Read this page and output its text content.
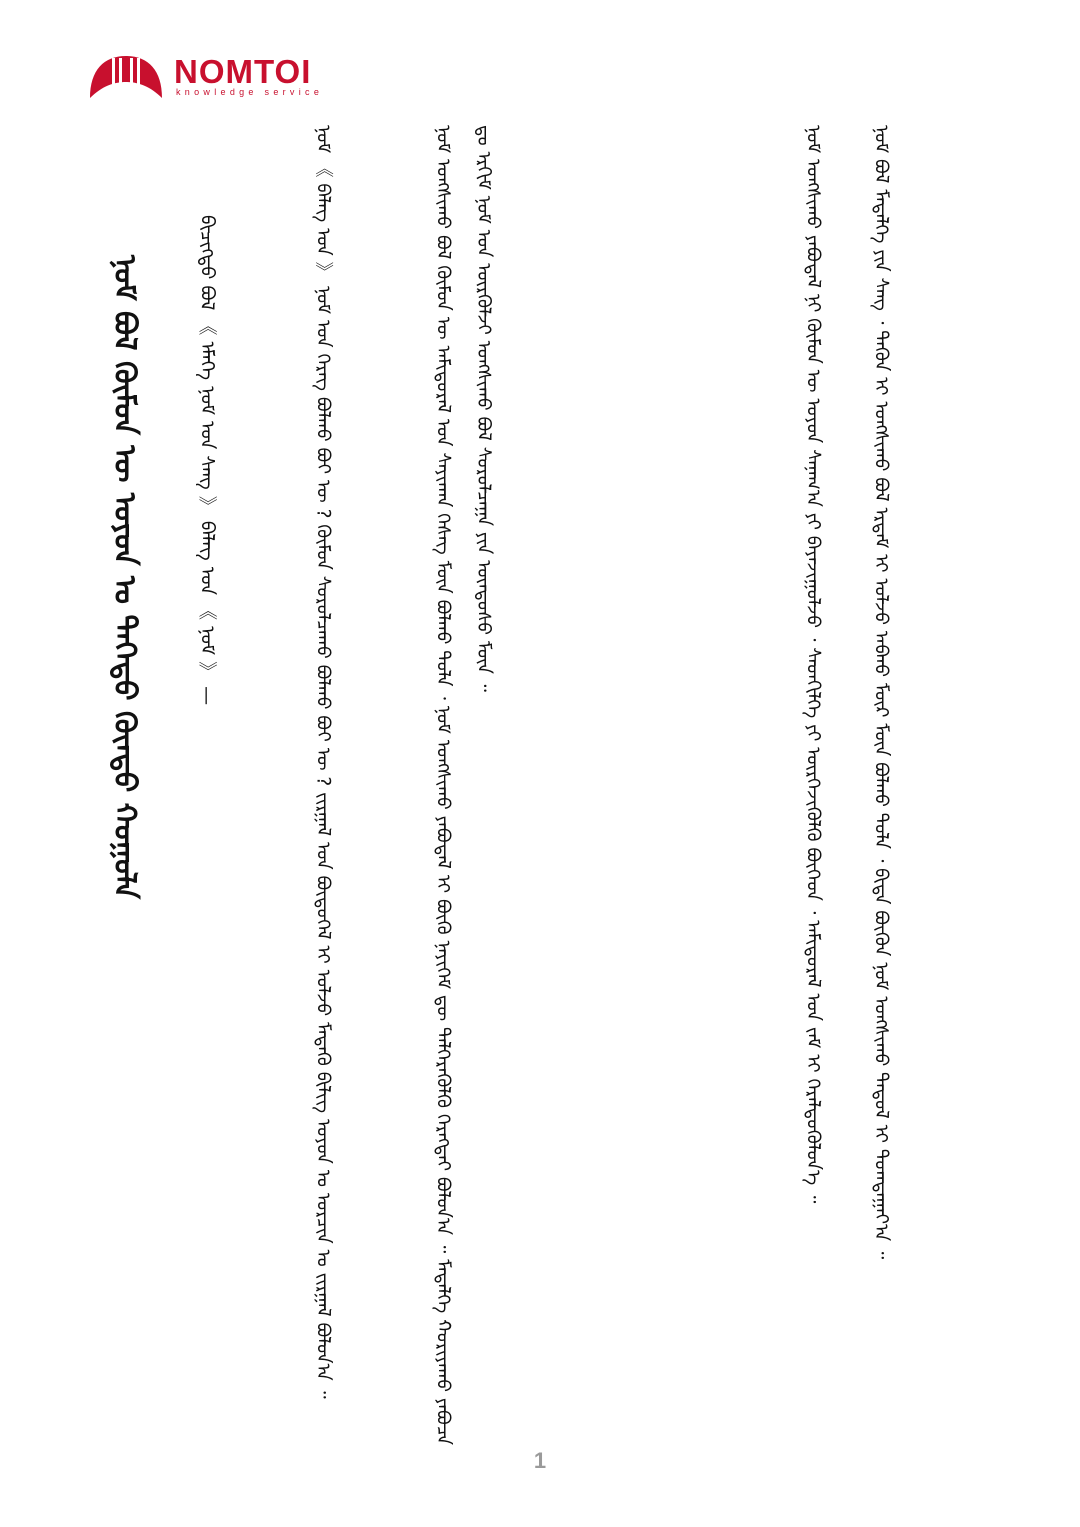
NOMTOI
knowledge service
ᠨᠣᠮ ᠪᠣᠯ ᠬᠦᠮᠦᠨ ᠦ ᠤᠶᠤᠨ ᠤ ᠳᠡᠭᠡᠳᠦ ᠬᠦᠨᠳᠦ ᠬᠣᠭᠣᠯᠠ	ᠪᠢᠴᠢᠭᠲᠦ ᠪᠣᠯ 《 ᠡᠮᠡᠭᠡ ᠨᠣᠮ ᠤᠨ ᠰᠠᠩ 》 ᠪᠡᠯᠡᠭ ᠤᠨ 《 ᠨᠣᠮ 》 —	ᠨᠣᠮ 《 ᠪᠡᠯᠡᠭ ᠤᠨ 》 ᠨᠣᠮ ᠤᠨ ᠬᠡᠷᠡᠭ ᠪᠣᠯᠬᠤ ᠪᠣᠢ ᠦ ? ᠬᠦᠮᠦᠨ ᠰᠤᠷᠤᠯᠴᠠᠬᠤ ᠪᠣᠯᠬᠤ ᠪᠣᠢ ᠦ ? ᠵᠢᠷᠭᠠᠯ ᠤᠨ ᠪᠦᠲᠦᠭᠡᠯ ᠢ ᠣᠯᠵᠤ ᠮᠡᠳᠡᠬᠦ ᠪᠢᠯᠢᠭ ᠣᠶᠤᠨ ᠤ ᠣᠷᠴᠢᠨ ᠤ ᠵᠢᠷᠭᠠᠯ ᠪᠣᠯᠤᠨ᠎ᠠ ᠃	ᠨᠣᠮ ᠤᠩᠰᠢᠬᠤ ᠪᠣᠯ ᠬᠦᠮᠦᠨ ᠦ ᠠᠮᠢᠳᠤᠷᠠᠯ ᠤᠨ ᠰᠠᠶᠢᠬᠠᠨ ᠬᠡᠰᠡᠭ ᠮᠥᠨ ᠪᠣᠯᠬᠤ ᠲᠤᠯᠠ ᠂ ᠨᠣᠮ ᠤᠩᠰᠢᠬᠤ ᠶᠠᠪᠤᠳᠠᠯ ᠢ ᠪᠦᠬᠦ ᠨᠡᠶᠢᠭᠡᠮ ᠳᠦ ᠳᠡᠯᠭᠡᠷᠡᠭᠦᠯᠬᠦ ᠬᠡᠷᠡᠭᠲᠡᠢ ᠪᠣᠯᠤᠨ᠎ᠠ ᠃ ᠮᠡᠳᠡᠯᠭᠡ ᠬᠤᠷᠢᠶᠠᠬᠤ ᠶᠠᠪᠤᠴᠠ ᠳᠤ ᠡᠷᠬᠢᠮ ᠨᠣᠮ ᠤᠨ ᠦᠷᠭᠦᠯᠵᠢ ᠤᠩᠰᠢᠬᠤ ᠪᠣᠯ ᠰᠤᠷᠤᠯᠴᠠᠭᠠ ᠶᠢᠨ ᠦᠨᠳᠦᠰᠦ ᠮᠥᠨ ᠃	ᠨᠣᠮ ᠤᠩᠰᠢᠬᠤ ᠶᠠᠪᠤᠳᠠᠯ ᠨᠢ ᠬᠦᠮᠦᠨ ᠦ ᠤᠶᠤᠨ ᠰᠠᠨᠠᠭ᠎ᠠ ᠶᠢ ᠪᠠᠶᠠᠵᠢᠭᠤᠯᠵᠤ ᠂ ᠰᠡᠳᠬᠢᠯᠭᠡ ᠶᠢ ᠥᠷᠭᠡᠵᠢᠭᠦᠯᠬᠦ ᠪᠦᠭᠡᠳ ᠂ ᠠᠮᠢᠳᠤᠷᠠᠯ ᠤᠨ ᠵᠠᠮ ᠢ ᠭᠡᠷᠡᠯᠲᠦᠭᠦᠯᠦᠨ᠎ᠡ ᠃	ᠨᠣᠮ ᠪᠣᠯ ᠮᠡᠳᠡᠯᠭᠡ ᠶᠢᠨ ᠰᠠᠩ ᠂ ᠲᠡᠭᠦᠨ ᠢ ᠤᠩᠰᠢᠬᠤ ᠪᠣᠯ ᠡᠷᠳᠡᠮ ᠢ ᠣᠯᠵᠤ ᠠᠪᠬᠤ ᠮᠥᠷ ᠮᠥᠨ ᠪᠣᠯᠬᠤ ᠲᠤᠯᠠ ᠂ ᠪᠢᠳᠡ ᠪᠦᠬᠦᠨ ᠨᠣᠮ ᠤᠩᠰᠢᠬᠤ ᠳᠠᠳᠤᠯ ᠢ ᠲᠣᠭᠲᠠᠭᠠᠶ᠎ᠠ ᠃
1
